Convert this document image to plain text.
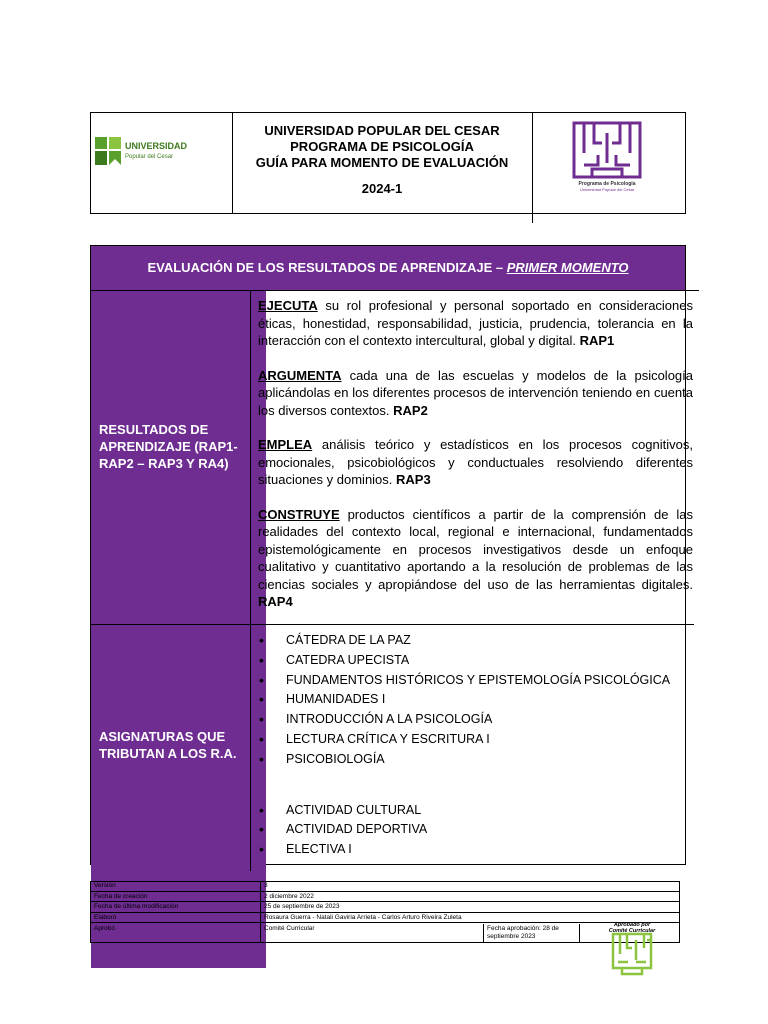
UNIVERSIDAD
Popular del Cesar
UNIVERSIDAD POPULAR DEL CESAR
PROGRAMA DE PSICOLOGÍA
GUÍA PARA MOMENTO DE EVALUACIÓN
2024-1	Programa de Psicología
Universidad Popular del Cesar
EVALUACIÓN DE LOS RESULTADOS DE APRENDIZAJE – PRIMER MOMENTO
RESULTADOS DE APRENDIZAJE (RAP1- RAP2 – RAP3 Y RA4)

EJECUTA su rol profesional y personal soportado en consideraciones éticas, honestidad, responsabilidad, justicia, prudencia, tolerancia en la interacción con el contexto intercultural, global y digital. RAP1

ARGUMENTA cada una de las escuelas y modelos de la psicología aplicándolas en los diferentes procesos de intervención teniendo en cuenta los diversos contextos. RAP2

EMPLEA análisis teórico y estadísticos en los procesos cognitivos, emocionales, psicobiológicos y conductuales resolviendo diferentes situaciones y dominios. RAP3

CONSTRUYE productos científicos a partir de la comprensión de las realidades del contexto local, regional e internacional, fundamentados epistemológicamente en procesos investigativos desde un enfoque cualitativo y cuantitativo aportando a la resolución de problemas de las ciencias sociales y apropiándose del uso de las herramientas digitales. RAP4

ASIGNATURAS QUE TRIBUTAN A LOS R.A.
• CÁTEDRA DE LA PAZ
• CATEDRA UPECISTA
• FUNDAMENTOS HISTÓRICOS Y EPISTEMOLOGÍA PSICOLÓGICA
• HUMANIDADES I
• INTRODUCCIÓN A LA PSICOLOGÍA
• LECTURA CRÍTICA Y ESCRITURA I
• PSICOBIOLOGÍA
• ACTIVIDAD CULTURAL
• ACTIVIDAD DEPORTIVA
• ELECTIVA I
Versión	3
Fecha de creación	2 diciembre 2022
Fecha de última modificación	25 de septiembre de 2023
Elaboró	Rosaura Guerra - Natali Gaviria Arrieta - Carlos Arturo Riveira Zuleta
Aprobó	Comité Curricular	Fecha aprobación: 28 de septiembre 2023
Aprobado por Comité Curricular
